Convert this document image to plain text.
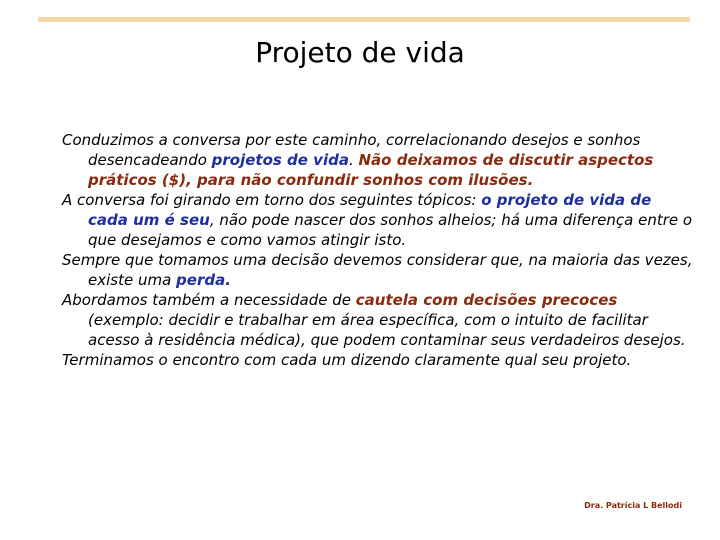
Projeto de vida

Conduzimos a conversa por este caminho, correlacionando desejos e sonhos desencadeando projetos de vida. Não deixamos de discutir aspectos práticos ($), para não confundir sonhos com ilusões.

A conversa foi girando em torno dos seguintes tópicos: o projeto de vida de cada um é seu, não pode nascer dos sonhos alheios; há uma diferença entre o que desejamos e como vamos atingir isto.

Sempre que tomamos uma decisão devemos considerar que, na maioria das vezes, existe uma perda.

Abordamos também a necessidade de cautela com decisões precoces (exemplo: decidir e trabalhar em área específica, com o intuito de facilitar acesso à residência médica), que podem contaminar seus verdadeiros desejos.

Terminamos o encontro com cada um dizendo claramente qual seu projeto.

Dra. Patrícia L Bellodi
